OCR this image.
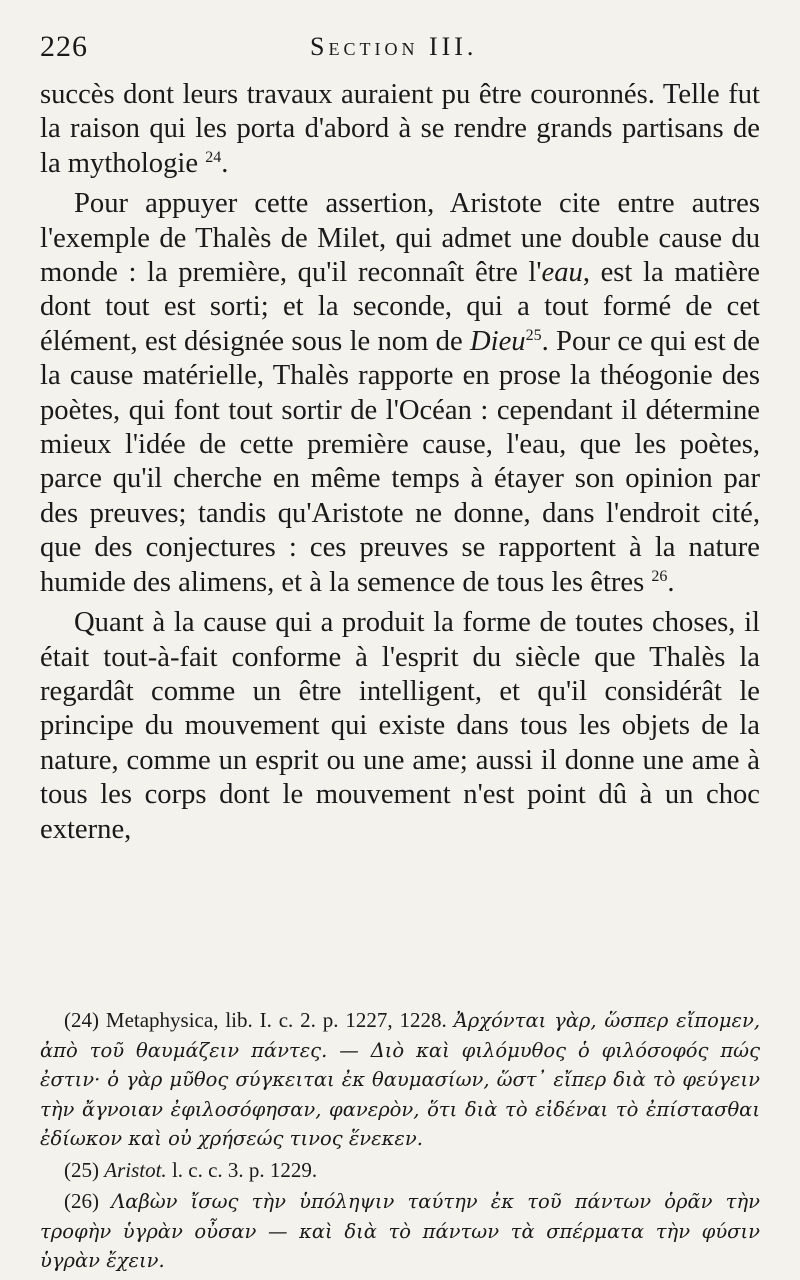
226	Section III.

succès dont leurs travaux auraient pu être couronnés. Telle fut la raison qui les porta d'abord à se rendre grands partisans de la mythologie $^{24}$.

Pour appuyer cette assertion, Aristote cite entre autres l'exemple de Thalès de Milet, qui admet une double cause du monde : la première, qu'il reconnaît être l'eau, est la matière dont tout est sorti; et la seconde, qui a tout formé de cet élément, est désignée sous le nom de Dieu$^{25}$. Pour ce qui est de la cause matérielle, Thalès rapporte en prose la théogonie des poètes, qui font tout sortir de l'Océan : cependant il détermine mieux l'idée de cette première cause, l'eau, que les poètes, parce qu'il cherche en même temps à étayer son opinion par des preuves; tandis qu'Aristote ne donne, dans l'endroit cité, que des conjectures : ces preuves se rapportent à la nature humide des alimens, et à la semence de tous les êtres $^{26}$.

Quant à la cause qui a produit la forme de toutes choses, il était tout-à-fait conforme à l'esprit du siècle que Thalès la regardât comme un être intelligent, et qu'il considérât le principe du mouvement qui existe dans tous les objets de la nature, comme un esprit ou une ame; aussi il donne une ame à tous les corps dont le mouvement n'est point dû à un choc externe,

(24) Metaphysica, lib. I. c. 2. p. 1227, 1228. Ἀρχόνται γὰρ, ὥσπερ εἴπομεν, ἀπὸ τοῦ θαυμάζειν πάντες. — Διὸ καὶ φιλόμυθος ὁ φιλόσοφός πώς ἐστιν· ὁ γὰρ μῦθος σύγκειται ἐκ θαυμασίων, ὥστ᾽ εἴπερ διὰ τὸ φεύγειν τὴν ἄγνοιαν ἐφιλοσόφησαν, φανερὸν, ὅτι διὰ τὸ εἰδέναι τὸ ἐπίστασθαι ἐδίωκον καὶ οὐ χρήσεώς τινος ἕνεκεν.

(25) Aristot. l. c. c. 3. p. 1229.

(26) Λαβὼν ἴσως τὴν ὑπόληψιν ταύτην ἐκ τοῦ πάντων ὁρᾶν τὴν τροφὴν ὑγρὰν οὖσαν — καὶ διὰ τὸ πάντων τὰ σπέρματα τὴν φύσιν ὑγρὰν ἔχειν.
